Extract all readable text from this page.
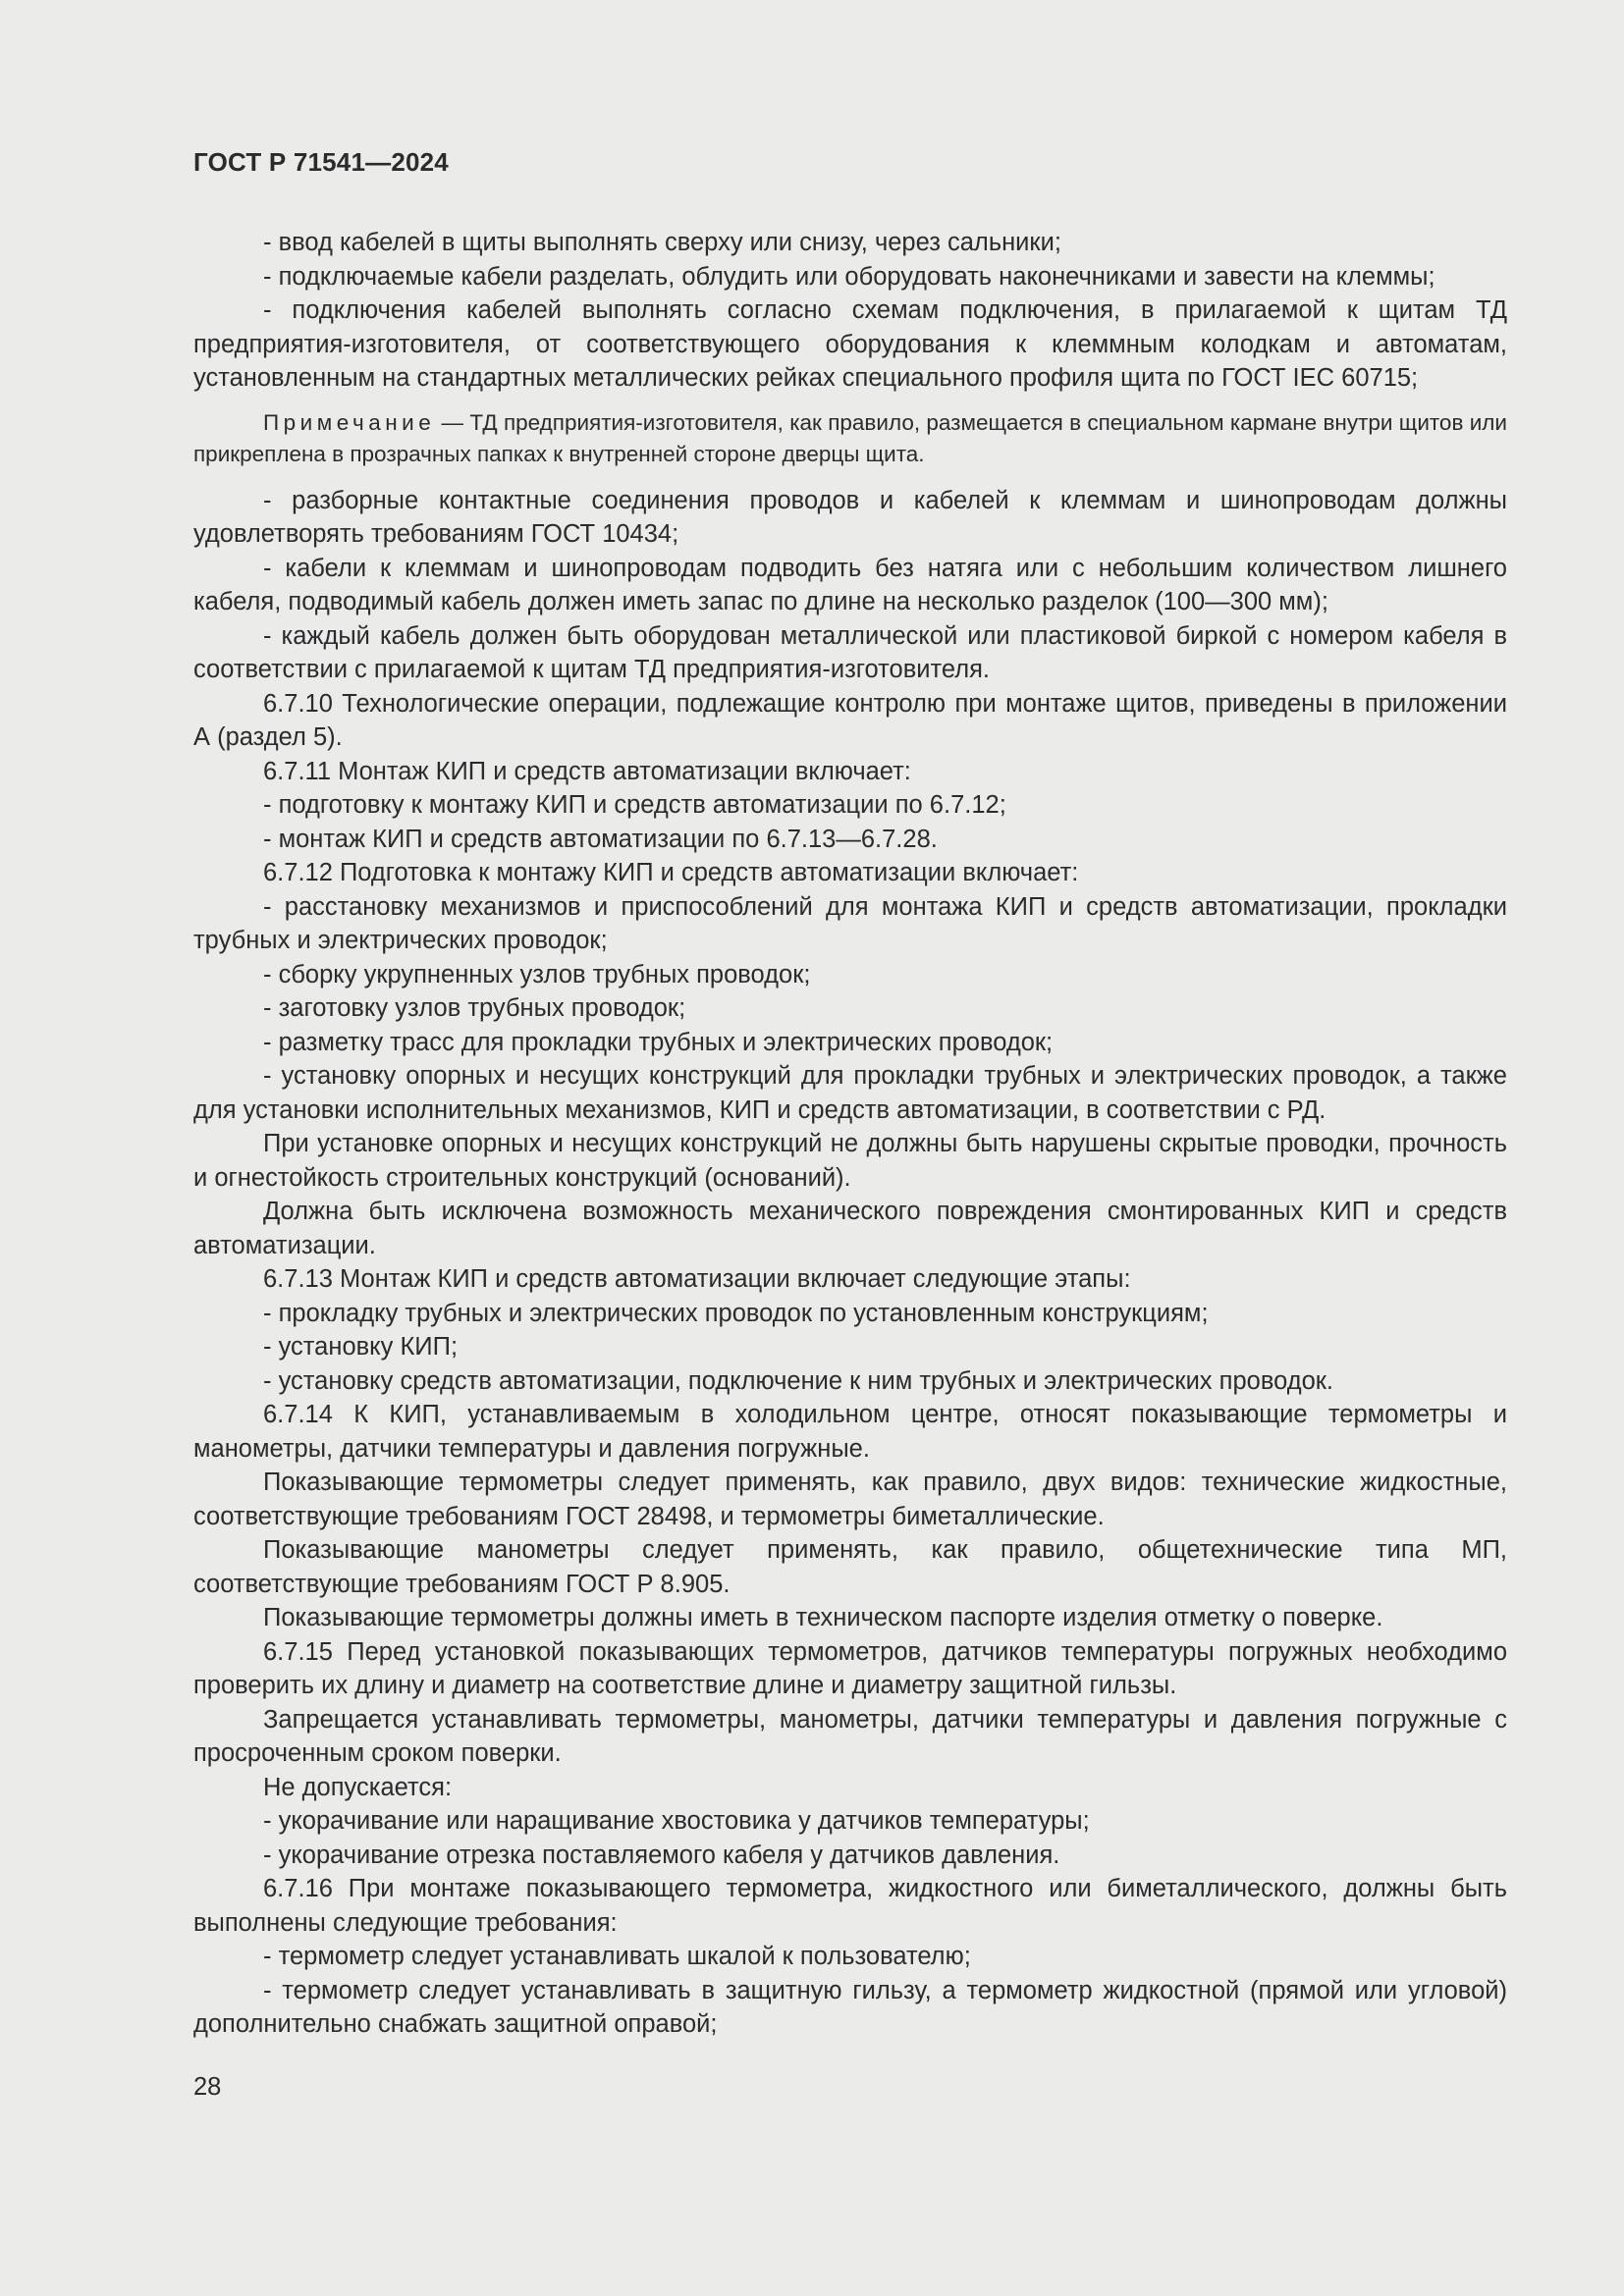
ГОСТ Р 71541—2024

- ввод кабелей в щиты выполнять сверху или снизу, через сальники;

- подключаемые кабели разделать, облудить или оборудовать наконечниками и завести на клеммы;

- подключения кабелей выполнять согласно схемам подключения, в прилагаемой к щитам ТД предприятия-изготовителя, от соответствующего оборудования к клеммным колодкам и автоматам, установленным на стандартных металлических рейках специального профиля щита по ГОСТ IEC 60715;

Примечание — ТД предприятия-изготовителя, как правило, размещается в специальном кармане внутри щитов или прикреплена в прозрачных папках к внутренней стороне дверцы щита.

- разборные контактные соединения проводов и кабелей к клеммам и шинопроводам должны удовлетворять требованиям ГОСТ 10434;

- кабели к клеммам и шинопроводам подводить без натяга или с небольшим количеством лишнего кабеля, подводимый кабель должен иметь запас по длине на несколько разделок (100—300 мм);

- каждый кабель должен быть оборудован металлической или пластиковой биркой с номером кабеля в соответствии с прилагаемой к щитам ТД предприятия-изготовителя.

6.7.10 Технологические операции, подлежащие контролю при монтаже щитов, приведены в приложении А (раздел 5).

6.7.11 Монтаж КИП и средств автоматизации включает:

- подготовку к монтажу КИП и средств автоматизации по 6.7.12;

- монтаж КИП и средств автоматизации по 6.7.13—6.7.28.

6.7.12 Подготовка к монтажу КИП и средств автоматизации включает:

- расстановку механизмов и приспособлений для монтажа КИП и средств автоматизации, прокладки трубных и электрических проводок;

- сборку укрупненных узлов трубных проводок;

- заготовку узлов трубных проводок;

- разметку трасс для прокладки трубных и электрических проводок;

- установку опорных и несущих конструкций для прокладки трубных и электрических проводок, а также для установки исполнительных механизмов, КИП и средств автоматизации, в соответствии с РД.

При установке опорных и несущих конструкций не должны быть нарушены скрытые проводки, прочность и огнестойкость строительных конструкций (оснований).

Должна быть исключена возможность механического повреждения смонтированных КИП и средств автоматизации.

6.7.13 Монтаж КИП и средств автоматизации включает следующие этапы:

- прокладку трубных и электрических проводок по установленным конструкциям;

- установку КИП;

- установку средств автоматизации, подключение к ним трубных и электрических проводок.

6.7.14 К КИП, устанавливаемым в холодильном центре, относят показывающие термометры и манометры, датчики температуры и давления погружные.

Показывающие термометры следует применять, как правило, двух видов: технические жидкостные, соответствующие требованиям ГОСТ 28498, и термометры биметаллические.

Показывающие манометры следует применять, как правило, общетехнические типа МП, соответствующие требованиям ГОСТ Р 8.905.

Показывающие термометры должны иметь в техническом паспорте изделия отметку о поверке.

6.7.15 Перед установкой показывающих термометров, датчиков температуры погружных необходимо проверить их длину и диаметр на соответствие длине и диаметру защитной гильзы.

Запрещается устанавливать термометры, манометры, датчики температуры и давления погружные с просроченным сроком поверки.

Не допускается:

- укорачивание или наращивание хвостовика у датчиков температуры;

- укорачивание отрезка поставляемого кабеля у датчиков давления.

6.7.16 При монтаже показывающего термометра, жидкостного или биметаллического, должны быть выполнены следующие требования:

- термометр следует устанавливать шкалой к пользователю;

- термометр следует устанавливать в защитную гильзу, а термометр жидкостной (прямой или угловой) дополнительно снабжать защитной оправой;

28
